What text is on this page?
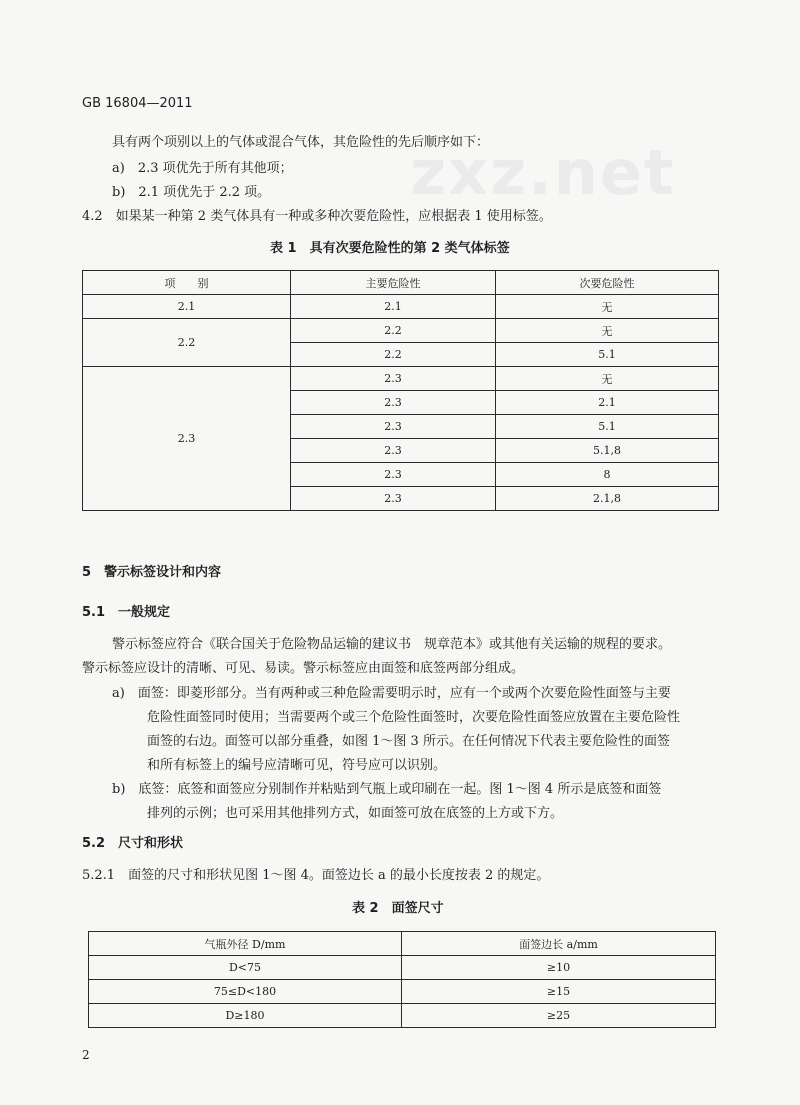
GB 16804—2011
zxz.net
具有两个项别以上的气体或混合气体，其危险性的先后顺序如下：
a)　2.3 项优先于所有其他项；
b)　2.1 项优先于 2.2 项。
4.2　如果某一种第 2 类气体具有一种或多种次要危险性，应根据表 1 使用标签。
表 1　具有次要危险性的第 2 类气体标签
项　　别	主要危险性	次要危险性
2.1	2.1	无
2.2	2.2	无
	2.2	5.1
2.3	2.3	无
	2.3	2.1
	2.3	5.1
	2.3	5.1,8
	2.3	8
	2.3	2.1,8
5　警示标签设计和内容
5.1　一般规定
警示标签应符合《联合国关于危险物品运输的建议书　规章范本》或其他有关运输的规程的要求。
警示标签应设计的清晰、可见、易读。警示标签应由面签和底签两部分组成。
a)　面签：即菱形部分。当有两种或三种危险需要明示时，应有一个或两个次要危险性面签与主要
危险性面签同时使用；当需要两个或三个危险性面签时，次要危险性面签应放置在主要危险性
面签的右边。面签可以部分重叠，如图 1～图 3 所示。在任何情况下代表主要危险性的面签
和所有标签上的编号应清晰可见，符号应可以识别。
b)　底签：底签和面签应分别制作并粘贴到气瓶上或印刷在一起。图 1～图 4 所示是底签和面签
排列的示例；也可采用其他排列方式，如面签可放在底签的上方或下方。
5.2　尺寸和形状
5.2.1　面签的尺寸和形状见图 1～图 4。面签边长 a 的最小长度按表 2 的规定。
表 2　面签尺寸
气瓶外径 D/mm	面签边长 a/mm
D<75	≥10
75≤D<180	≥15
D≥180	≥25
2
